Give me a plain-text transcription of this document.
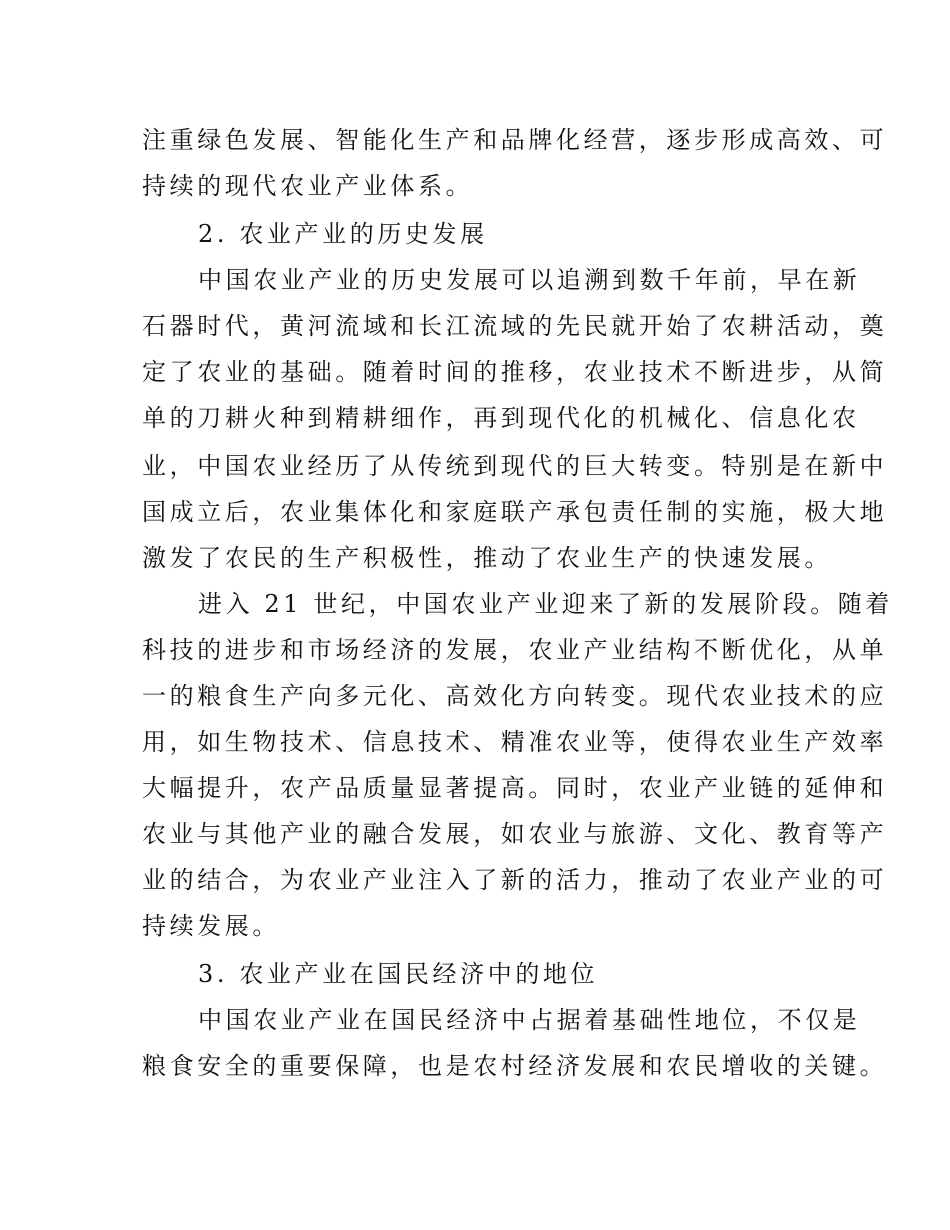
注重绿色发展、智能化生产和品牌化经营，逐步形成高效、可
持续的现代农业产业体系。
2. 农业产业的历史发展
中国农业产业的历史发展可以追溯到数千年前，早在新
石器时代，黄河流域和长江流域的先民就开始了农耕活动，奠
定了农业的基础。随着时间的推移，农业技术不断进步，从简
单的刀耕火种到精耕细作，再到现代化的机械化、信息化农
业，中国农业经历了从传统到现代的巨大转变。特别是在新中
国成立后，农业集体化和家庭联产承包责任制的实施，极大地
激发了农民的生产积极性，推动了农业生产的快速发展。
进入 21 世纪，中国农业产业迎来了新的发展阶段。随着
科技的进步和市场经济的发展，农业产业结构不断优化，从单
一的粮食生产向多元化、高效化方向转变。现代农业技术的应
用，如生物技术、信息技术、精准农业等，使得农业生产效率
大幅提升，农产品质量显著提高。同时，农业产业链的延伸和
农业与其他产业的融合发展，如农业与旅游、文化、教育等产
业的结合，为农业产业注入了新的活力，推动了农业产业的可
持续发展。
3. 农业产业在国民经济中的地位
中国农业产业在国民经济中占据着基础性地位，不仅是
粮食安全的重要保障，也是农村经济发展和农民增收的关键。
